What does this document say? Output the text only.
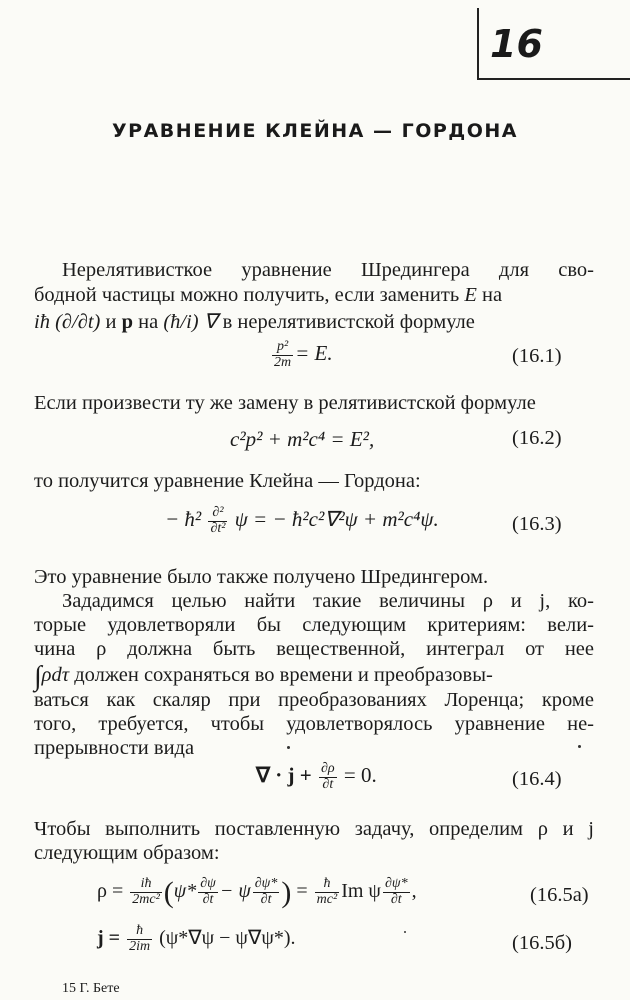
16
УРАВНЕНИЕ КЛЕЙНА — ГОРДОНА
Нерелятивисткое уравнение Шредингера для сво-
бодной частицы можно получить, если заменить E на
iħ (∂/∂t) и p на (ħ/i) ∇ в нерелятивистской формуле
$\frac{\text{p²}}{2m} = E$.	(16.1)
Если произвести ту же замену в релятивистской формуле
c²p² + m²c⁴ = E²,	(16.2)
то получится уравнение Клейна — Гордона:
− ħ² $\frac{\text{∂²}}{\text{∂t²}}$ ψ = − ħ²c²∇²ψ + m²c⁴ψ.	(16.3)
Это уравнение было также получено Шредингером.
Зададимся целью найти такие величины ρ и j, ко-
торые удовлетворяли бы следующим критериям: вели-
чина ρ должна быть вещественной, интеграл от нее
∫ρdτ должен сохраняться во времени и преобразовы-
ваться как скаляр при преобразованиях Лоренца; кроме
того, требуется, чтобы удовлетворялось уравнение не-
прерывности вида
∇ · $j + \frac{\partial\rho}{\partial t} = 0$.	(16.4)
Чтобы выполнить поставленную задачу, определим ρ и j
следующим образом:
$\rho = \frac{iħ}{\text{2mc²}} (\psi* \frac{\partial\psi}{\partial t} - \psi \frac{\partial\psi*}{\partial t}$ ) = $\frac{ħ}{\text{mc²}}$ Im ψ $\frac{\partial\psi*}{\partial t}$ ,	(16.5а)
$j = \frac{ħ}{2im} (\psi*\nabla\psi - \psi\nabla\psi*)$.	(16.5б)
15 Г. Бете
